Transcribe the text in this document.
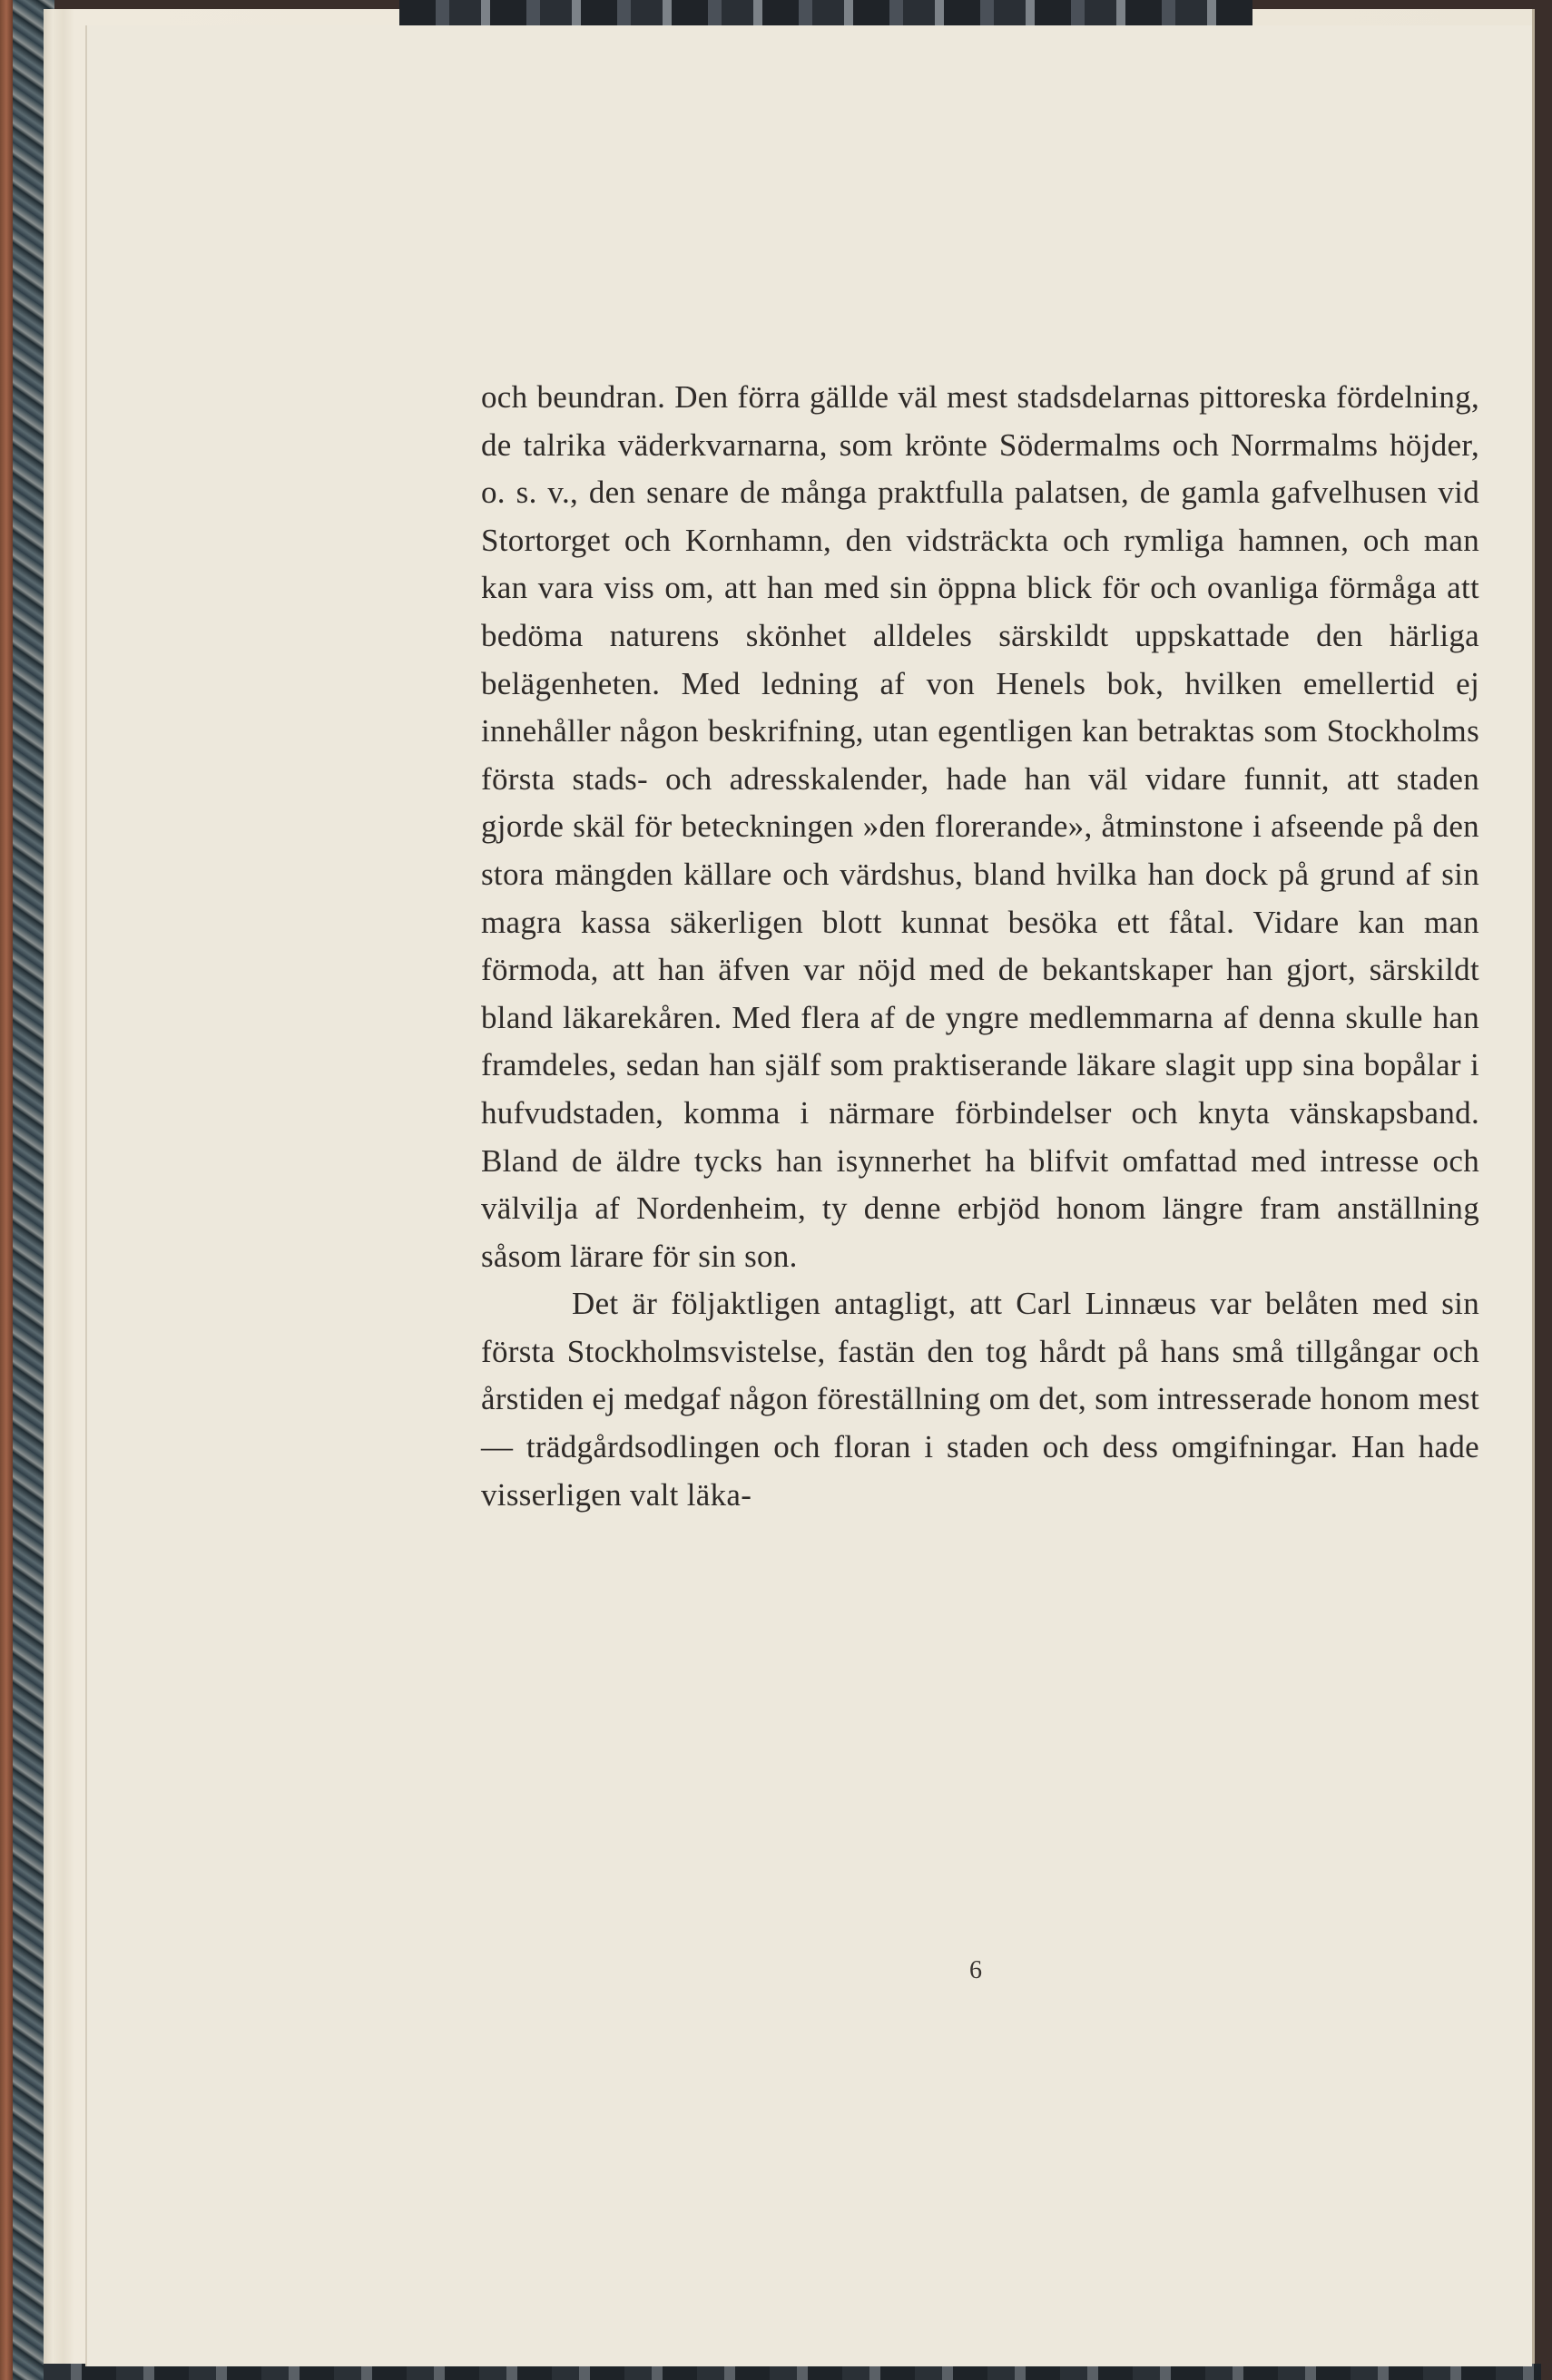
och beundran. Den förra gällde väl mest stadsdelarnas pittoreska fördelning, de talrika väderkvarnarna, som krönte Södermalms och Norrmalms höjder, o. s. v., den senare de många praktfulla palatsen, de gamla gafvelhusen vid Stortorget och Kornhamn, den vidsträckta och rymliga hamnen, och man kan vara viss om, att han med sin öppna blick för och ovanliga förmåga att bedöma naturens skönhet alldeles särskildt uppskattade den härliga belägenheten. Med ledning af von Henels bok, hvilken emellertid ej innehåller någon beskrifning, utan egentligen kan betraktas som Stockholms första stads- och adresskalender, hade han väl vidare funnit, att staden gjorde skäl för beteckningen »den florerande», åtminstone i afseende på den stora mängden källare och värdshus, bland hvilka han dock på grund af sin magra kassa säkerligen blott kunnat besöka ett fåtal. Vidare kan man förmoda, att han äfven var nöjd med de bekantskaper han gjort, särskildt bland läkarekåren. Med flera af de yngre medlemmarna af denna skulle han framdeles, sedan han själf som praktiserande läkare slagit upp sina bopålar i hufvudstaden, komma i närmare förbindelser och knyta vänskapsband. Bland de äldre tycks han isynnerhet ha blifvit omfattad med intresse och välvilja af Nordenheim, ty denne erbjöd honom längre fram anställning såsom lärare för sin son.

Det är följaktligen antagligt, att Carl Linnæus var belåten med sin första Stockholmsvistelse, fastän den tog hårdt på hans små tillgångar och årstiden ej medgaf någon föreställning om det, som intresserade honom mest — trädgårdsodlingen och floran i staden och dess omgifningar. Han hade visserligen valt läka-

6
